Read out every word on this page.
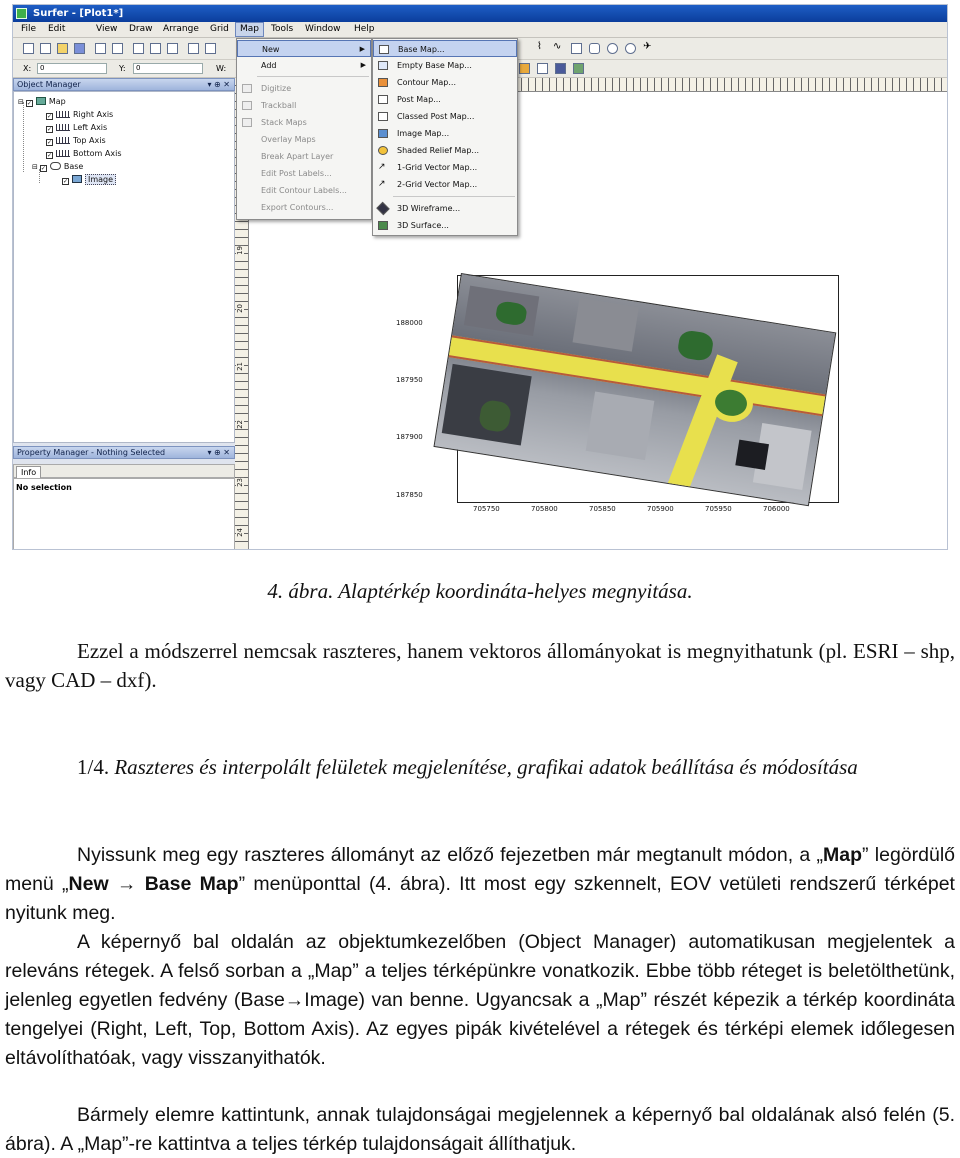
Surfer - [Plot1*]
File Edit	View Draw Arrange Grid	Map	Tools Window Help
⌇	∿	✈
X:	0	Y:	0	W:
Object Manager	▾ ⊕ ✕
⊟ ✓ Map
✓	Right Axis
✓	Left Axis
✓	Top Axis
✓	Bottom Axis
⊟ ✓ Base
✓ Image
Property Manager - Nothing Selected	▾ ⊕ ✕
Info
No selection
19
20
21
22
23
24
188000
187950
187900
187850
705750	705800	705850	705900	705950	706000
New	▶
Add	▶
Digitize
Trackball
Stack Maps
Overlay Maps
Break Apart Layer
Edit Post Labels...
Edit Contour Labels...
Export Contours...
Base Map...
Empty Base Map...
Contour Map...
Post Map...
Classed Post Map...
Image Map...
Shaded Relief Map...
↗	1-Grid Vector Map...
↗	2-Grid Vector Map...
3D Wireframe...
3D Surface...
4. ábra. Alaptérkép koordináta-helyes megnyitása.
Ezzel a módszerrel nemcsak raszteres, hanem vektoros állományokat is megnyithatunk (pl. ESRI – shp, vagy CAD – dxf).
1/4. Raszteres és interpolált felületek megjelenítése, grafikai adatok beállítása és módosítása
Nyissunk meg egy raszteres állományt az előző fejezetben már megtanult módon, a „Map” legördülő menü „New → Base Map” menüponttal (4. ábra). Itt most egy szkennelt, EOV vetületi rendszerű térképet nyitunk meg.
A képernyő bal oldalán az objektumkezelőben (Object Manager) automatikusan megjelentek a releváns rétegek. A felső sorban a „Map” a teljes térképünkre vonatkozik. Ebbe több réteget is beletölthetünk, jelenleg egyetlen fedvény (Base→Image) van benne. Ugyancsak a „Map” részét képezik a térkép koordináta tengelyei (Right, Left, Top, Bottom Axis). Az egyes pipák kivételével a rétegek és térképi elemek időlegesen eltávolíthatóak, vagy visszanyithatók.
Bármely elemre kattintunk, annak tulajdonságai megjelennek a képernyő bal oldalának alsó felén (5. ábra). A „Map”-re kattintva a teljes térkép tulajdonságait állíthatjuk.
